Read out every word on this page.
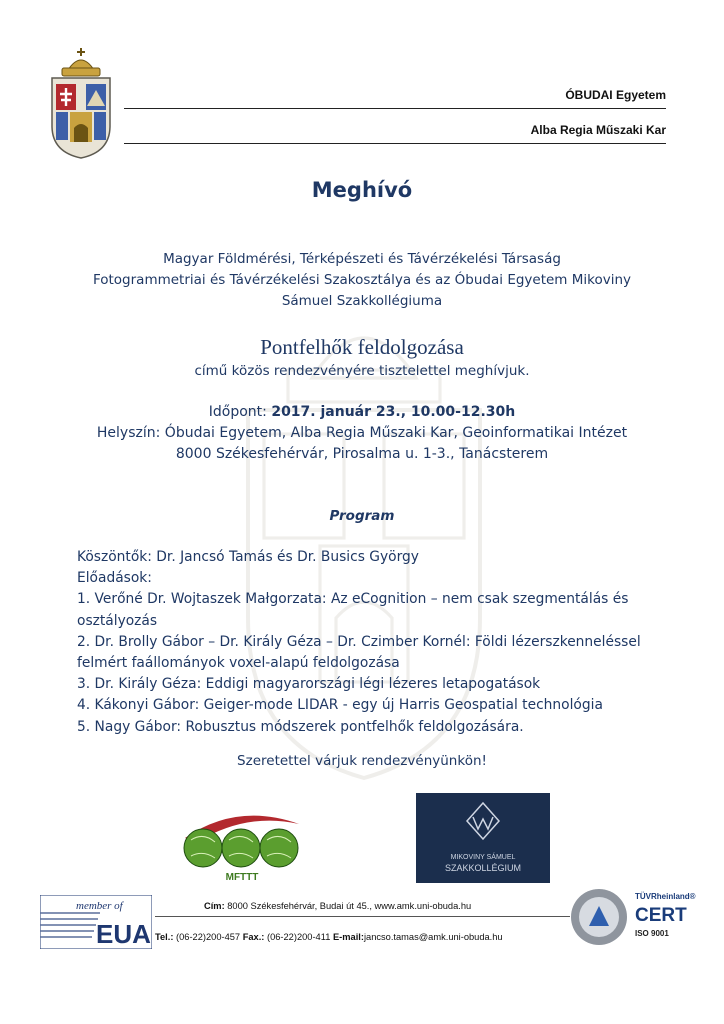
ÓBUDAI Egyetem
Alba Regia Műszaki Kar
Meghívó
Magyar Földmérési, Térképészeti és Távérzékelési Társaság
Fotogrammetriai és Távérzékelési Szakosztálya és az Óbudai Egyetem Mikoviny
Sámuel Szakkollégiuma
Pontfelhők feldolgozása
című közös rendezvényére tisztelettel meghívjuk.
Időpont: 2017. január 23., 10.00-12.30h
Helyszín: Óbudai Egyetem, Alba Regia Műszaki Kar, Geoinformatikai Intézet
8000 Székesfehérvár, Pirosalma u. 1-3., Tanácsterem
Program
Köszöntők: Dr. Jancsó Tamás és Dr. Busics György
Előadások:
1. Verőné Dr. Wojtaszek Małgorzata: Az eCognition – nem csak szegmentálás és
osztályozás
2. Dr. Brolly Gábor – Dr. Király Géza – Dr. Czimber Kornél: Földi lézerszkenneléssel
felmért faállományok voxel-alapú feldolgozása
3. Dr. Király Géza: Eddigi magyarországi légi lézeres letapogatások
4. Kákonyi Gábor: Geiger-mode LIDAR - egy új Harris Geospatial technológia
5. Nagy Gábor: Robusztus módszerek pontfelhők feldolgozására.
Szeretettel várjuk rendezvényünkön!
MFTTT
MIKOVINY SÁMUEL
SZAKKOLLÉGIUM
member of
EUA
TÜVRheinland®
CERT
ISO 9001
Cím: 8000 Székesfehérvár, Budai út 45., www.amk.uni-obuda.hu
Tel.: (06-22)200-457 Fax.: (06-22)200-411 E-mail:jancso.tamas@amk.uni-obuda.hu
